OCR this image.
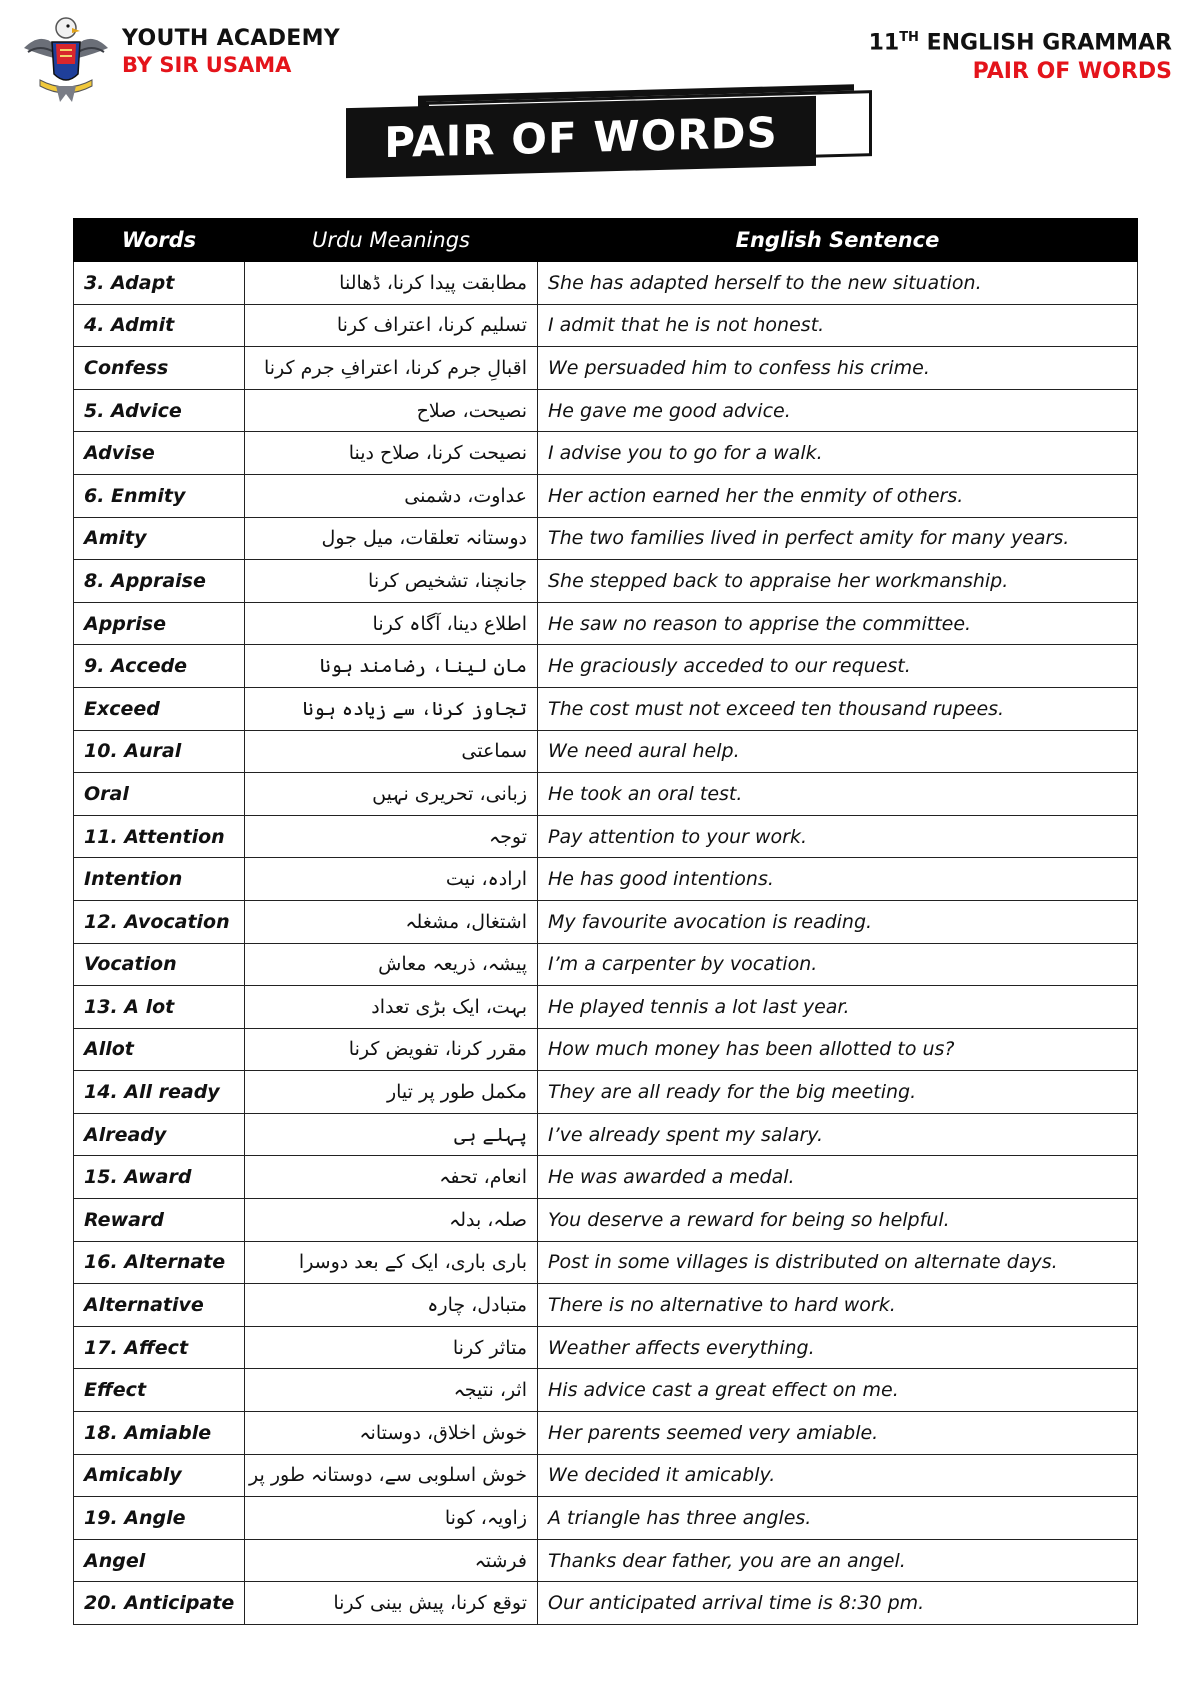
YOUTH ACADEMY
BY SIR USAMA
11TH ENGLISH GRAMMAR
PAIR OF WORDS
PAIR OF WORDS
Words	Urdu Meanings	English Sentence
3. Adapt	مطابقت پیدا کرنا، ڈھالنا	She has adapted herself to the new situation.
4. Admit	تسلیم کرنا، اعتراف کرنا	I admit that he is not honest.
Confess	اقبالِ جرم کرنا، اعترافِ جرم کرنا	We persuaded him to confess his crime.
5. Advice	نصیحت، صلاح	He gave me good advice.
Advise	نصیحت کرنا، صلاح دینا	I advise you to go for a walk.
6. Enmity	عداوت، دشمنی	Her action earned her the enmity of others.
Amity	دوستانہ تعلقات، میل جول	The two families lived in perfect amity for many years.
8. Appraise	جانچنا، تشخیص کرنا	She stepped back to appraise her workmanship.
Apprise	اطلاع دینا، آگاہ کرنا	He saw no reason to apprise the committee.
9. Accede	مان لینا، رضامند ہونا	He graciously acceded to our request.
Exceed	تجاوز کرنا، سے زیادہ ہونا	The cost must not exceed ten thousand rupees.
10. Aural	سماعتی	We need aural help.
Oral	زبانی، تحریری نہیں	He took an oral test.
11. Attention	توجہ	Pay attention to your work.
Intention	ارادہ، نیت	He has good intentions.
12. Avocation	اشتغال، مشغلہ	My favourite avocation is reading.
Vocation	پیشہ، ذریعہ معاش	I’m a carpenter by vocation.
13. A lot	بہت، ایک بڑی تعداد	He played tennis a lot last year.
Allot	مقرر کرنا، تفویض کرنا	How much money has been allotted to us?
14. All ready	مکمل طور پر تیار	They are all ready for the big meeting.
Already	پہلے ہی	I’ve already spent my salary.
15. Award	انعام، تحفہ	He was awarded a medal.
Reward	صلہ، بدلہ	You deserve a reward for being so helpful.
16. Alternate	باری باری، ایک کے بعد دوسرا	Post in some villages is distributed on alternate days.
Alternative	متبادل، چارہ	There is no alternative to hard work.
17. Affect	متاثر کرنا	Weather affects everything.
Effect	اثر، نتیجہ	His advice cast a great effect on me.
18. Amiable	خوش اخلاق، دوستانہ	Her parents seemed very amiable.
Amicably	خوش اسلوبی سے، دوستانہ طور پر	We decided it amicably.
19. Angle	زاویہ، کونا	A triangle has three angles.
Angel	فرشتہ	Thanks dear father, you are an angel.
20. Anticipate	توقع کرنا، پیش بینی کرنا	Our anticipated arrival time is 8:30 pm.
